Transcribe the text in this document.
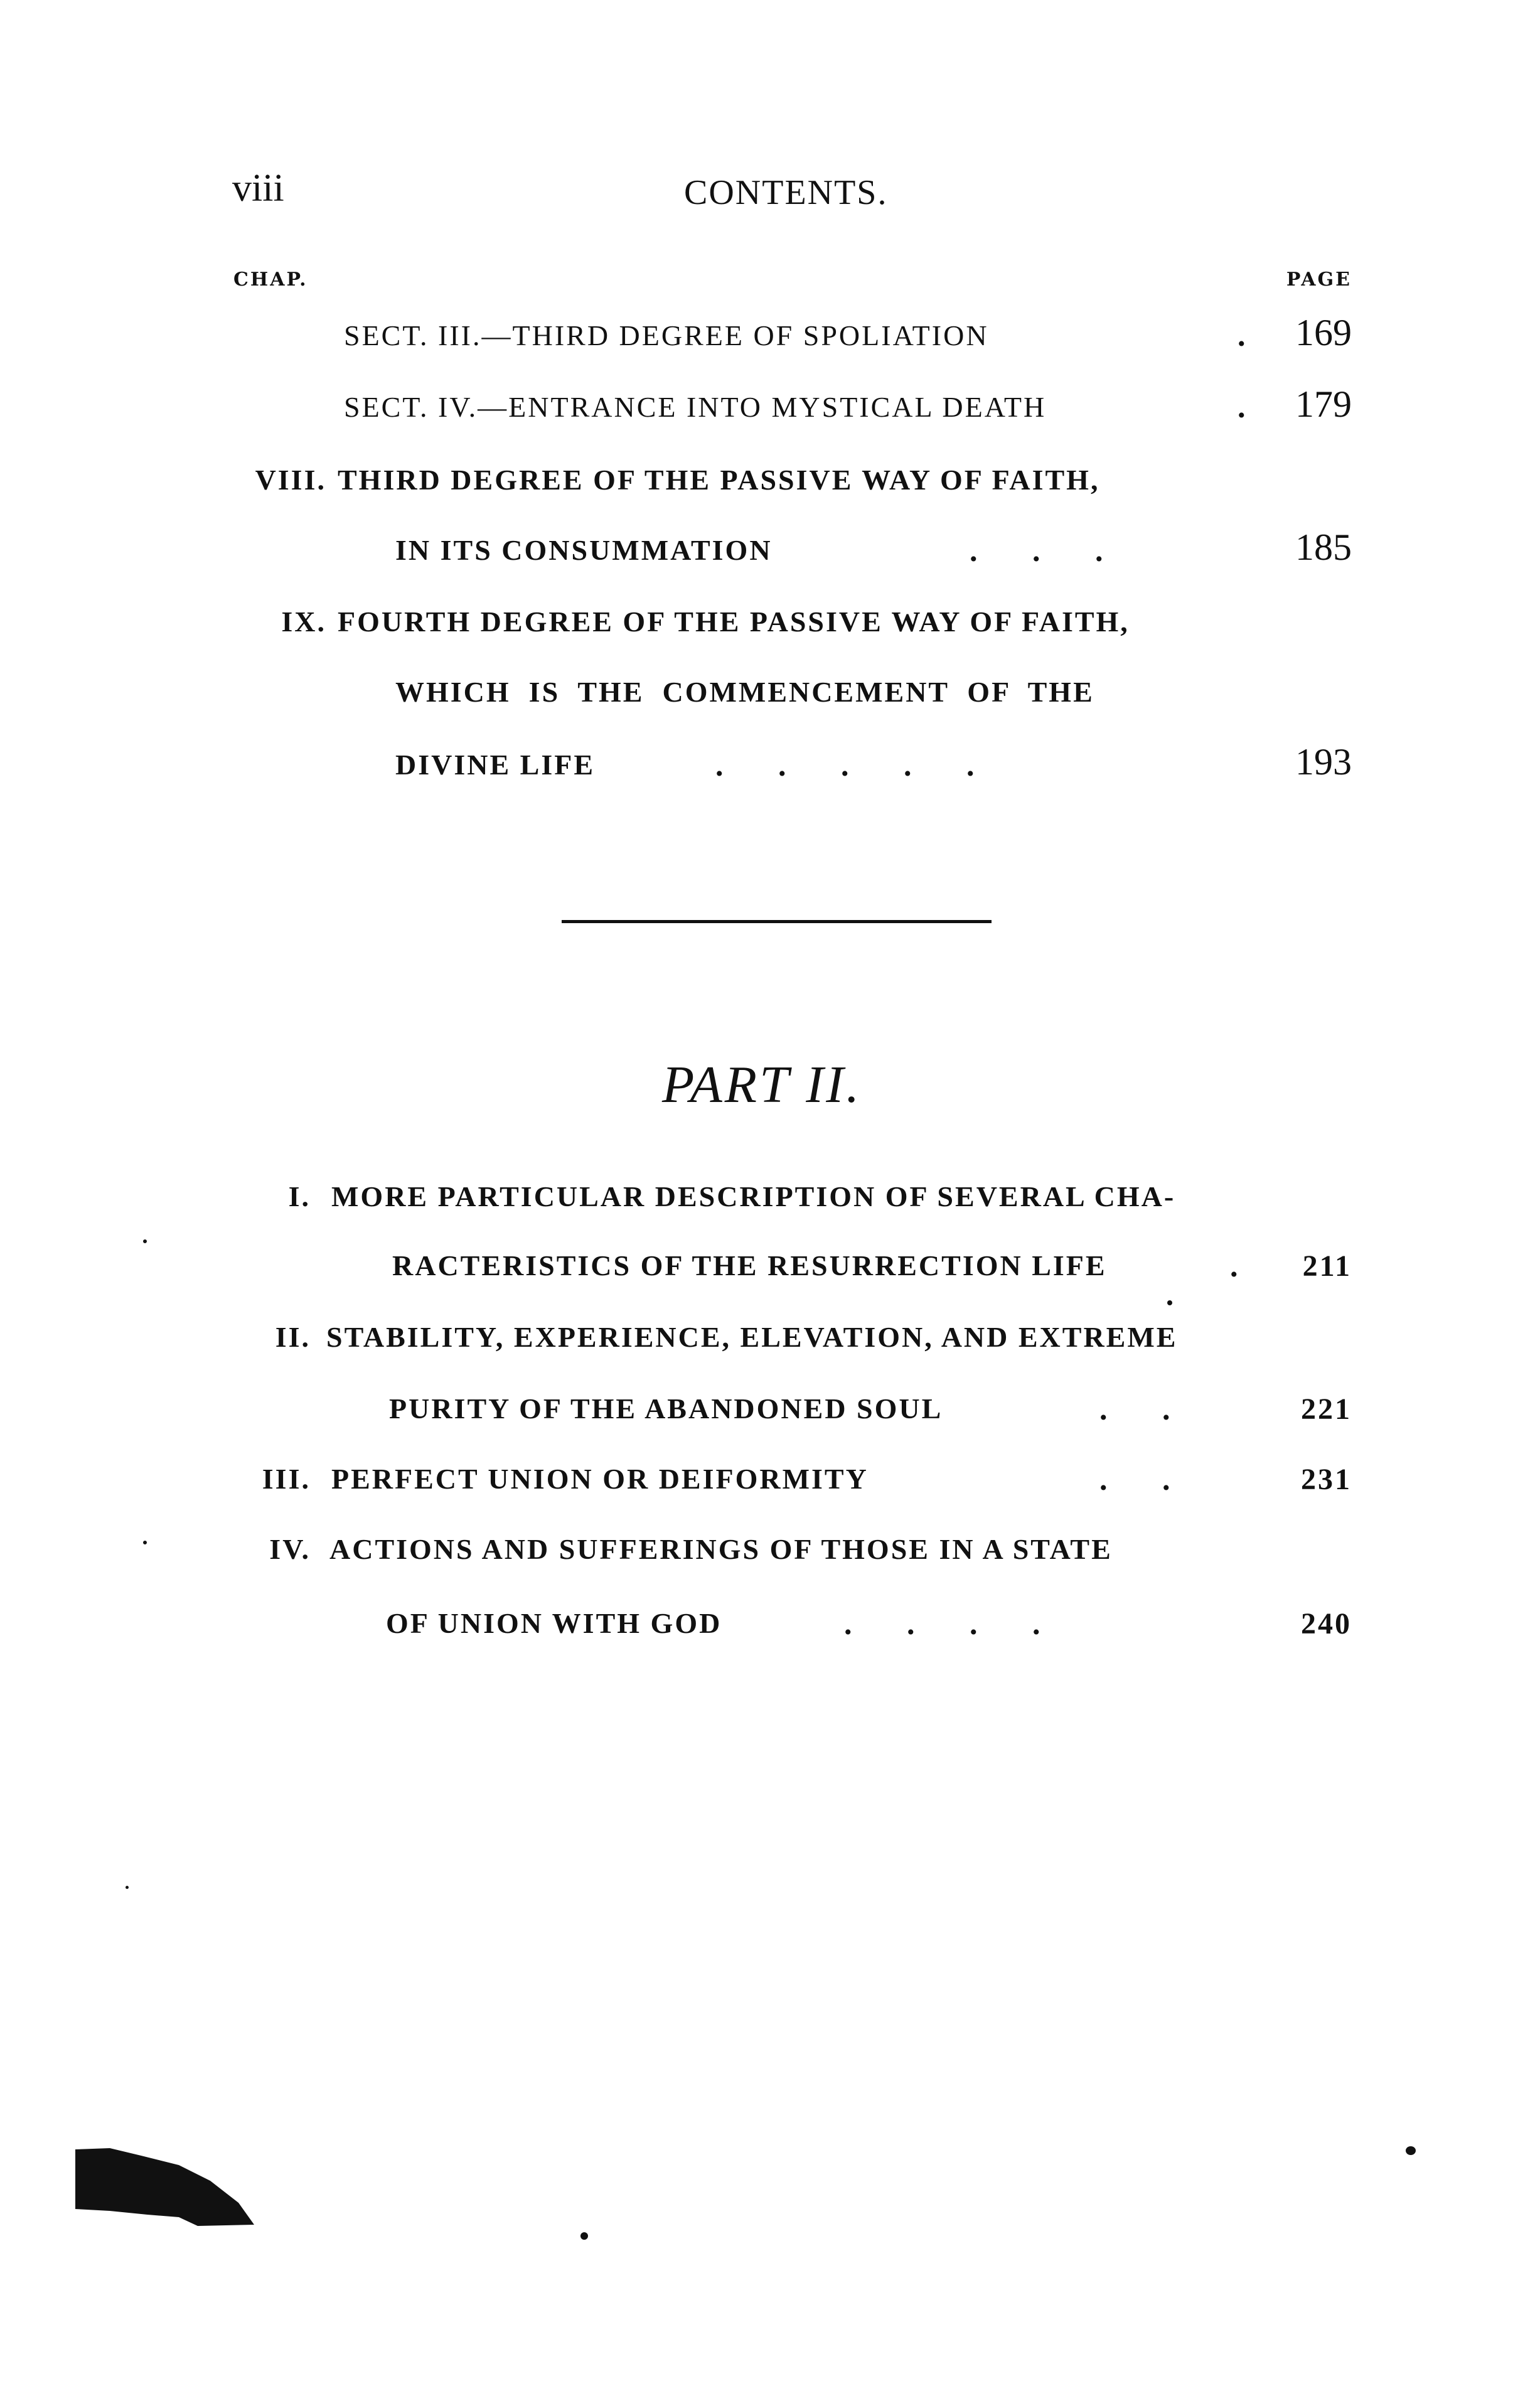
viii	CONTENTS.
CHAP.	PAGE
SECT. III.—THIRD DEGREE OF SPOLIATION	. 169
SECT. IV.—ENTRANCE INTO MYSTICAL DEATH	. 179
VIII. THIRD DEGREE OF THE PASSIVE WAY OF FAITH,
IN ITS CONSUMMATION	.       .       .	185
IX. FOURTH DEGREE OF THE PASSIVE WAY OF FAITH,
WHICH  IS  THE  COMMENCEMENT  OF  THE
DIVINE LIFE	.       .       .       .       .	193
PART II.
I. MORE PARTICULAR DESCRIPTION OF SEVERAL CHA-
RACTERISTICS OF THE RESURRECTION LIFE	. 211
II. STABILITY, EXPERIENCE, ELEVATION, AND EXTREME
PURITY OF THE ABANDONED SOUL	.       .	221
III. PERFECT UNION OR DEIFORMITY	.       .	231
IV. ACTIONS AND SUFFERINGS OF THOSE IN A STATE
OF UNION WITH GOD	.       .       .       .	240
